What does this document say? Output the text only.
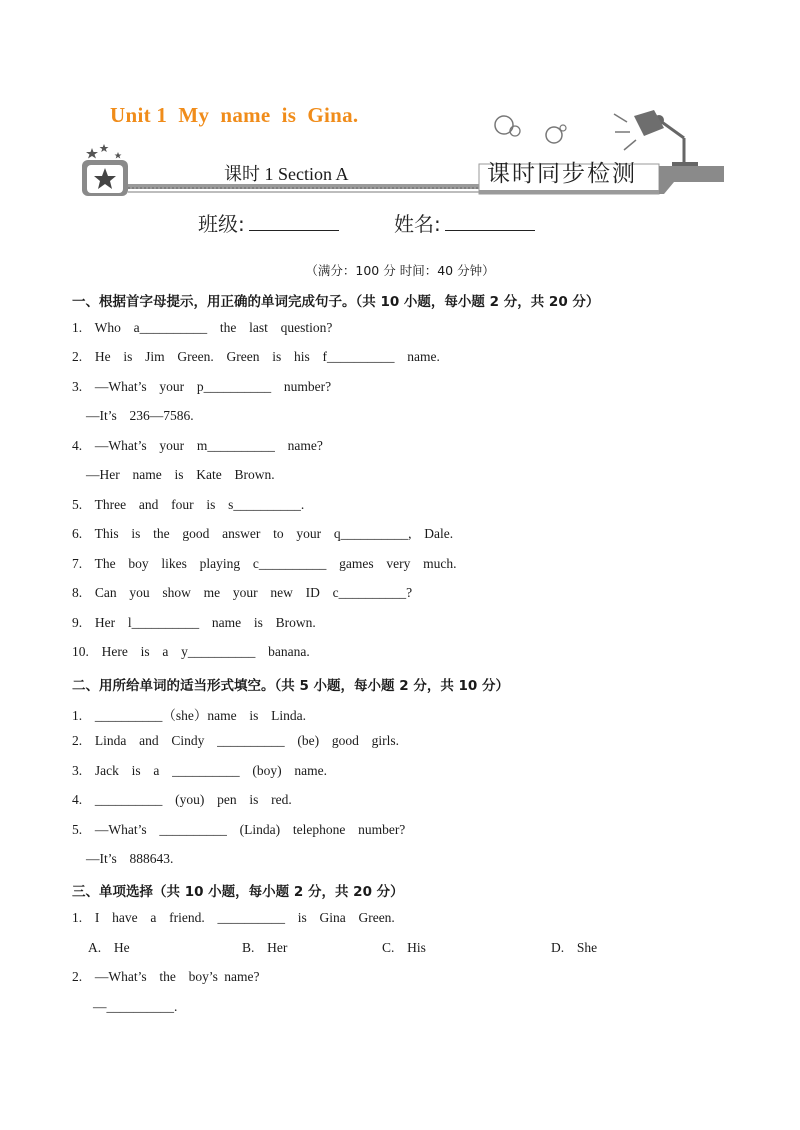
Unit 1  My  name  is  Gina.
课时 1 Section A	课时同步检测
班级:	姓名:
（满分：100 分 时间：40 分钟）
一、根据首字母提示，用正确的单词完成句子。（共 10 小题，每小题 2 分，共 20 分）
1.  Who  a__________  the  last  question?
2.  He  is  Jim  Green.  Green  is  his  f__________  name.
3.  —What’s  your  p__________  number?
—It’s  236—7586.
4.  —What’s  your  m__________  name?
—Her  name  is  Kate  Brown.
5.  Three  and  four  is  s__________.
6.  This  is  the  good  answer  to  your  q__________,  Dale.
7.  The  boy  likes  playing  c__________  games  very  much.
8.  Can  you  show  me  your  new  ID  c__________?
9.  Her  l__________  name  is  Brown.
10.  Here  is  a  y__________  banana.
二、用所给单词的适当形式填空。（共 5 小题，每小题 2 分，共 10 分）
1.  __________（she）name  is  Linda.
2.  Linda  and  Cindy  __________  (be)  good  girls.
3.  Jack  is  a  __________  (boy)  name.
4.  __________  (you)  pen  is  red.
5.  —What’s  __________  (Linda)  telephone  number?
—It’s  888643.
三、单项选择（共 10 小题，每小题 2 分，共 20 分）
1.  I  have  a  friend.  __________  is  Gina  Green.
A.  He	B.  Her	C.  His	D.  She
2.  —What’s  the  boy’s name?
—__________.
